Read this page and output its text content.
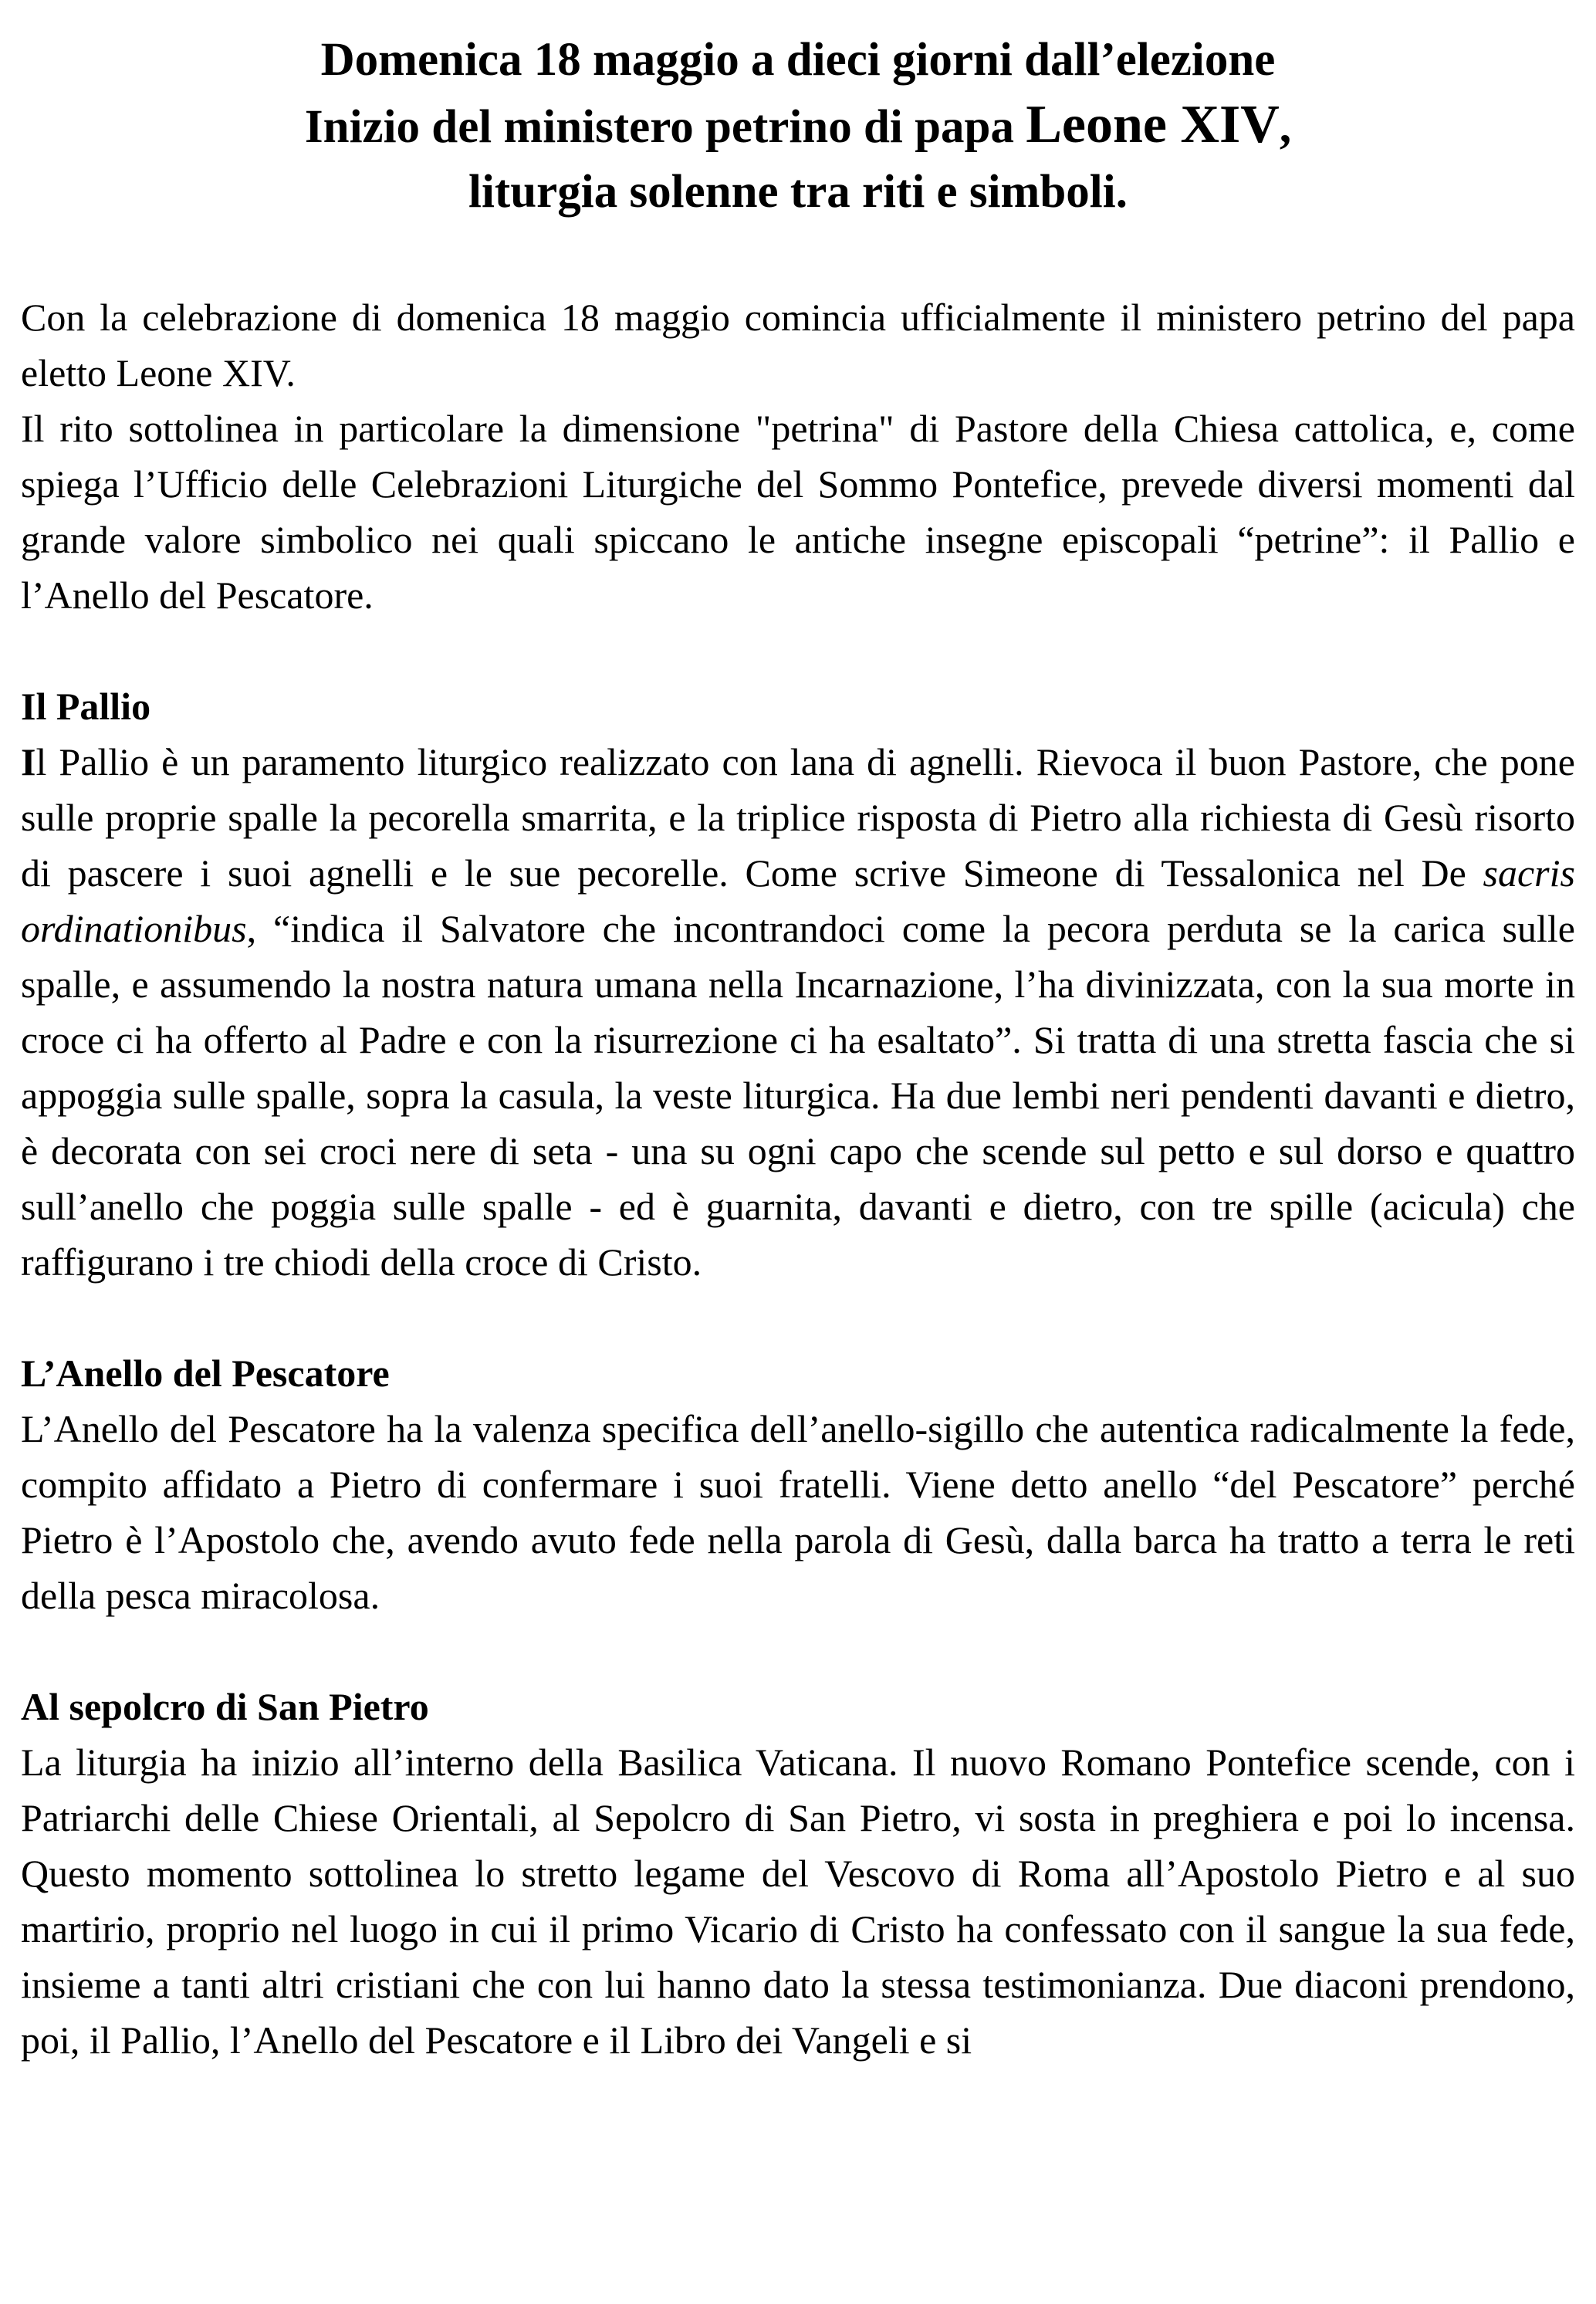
Domenica 18 maggio a dieci giorni dall’elezione
Inizio del ministero petrino di papa Leone XIV,
liturgia solenne tra riti e simboli.

Con la celebrazione di domenica 18 maggio comincia ufficialmente il ministero petrino del papa eletto Leone XIV.

Il rito sottolinea in particolare la dimensione "petrina" di Pastore della Chiesa cattolica, e, come spiega l’Ufficio delle Celebrazioni Liturgiche del Sommo Pontefice, prevede diversi momenti dal grande valore simbolico nei quali spiccano le antiche insegne episcopali “petrine”: il Pallio e l’Anello del Pescatore.

Il Pallio

Il Pallio è un paramento liturgico realizzato con lana di agnelli. Rievoca il buon Pastore, che pone sulle proprie spalle la pecorella smarrita, e la triplice risposta di Pietro alla richiesta di Gesù risorto di pascere i suoi agnelli e le sue pecorelle. Come scrive Simeone di Tessalonica nel De sacris ordinationibus, “indica il Salvatore che incontrandoci come la pecora perduta se la carica sulle spalle, e assumendo la nostra natura umana nella Incarnazione, l’ha divinizzata, con la sua morte in croce ci ha offerto al Padre e con la risurrezione ci ha esaltato”. Si tratta di una stretta fascia che si appoggia sulle spalle, sopra la casula, la veste liturgica. Ha due lembi neri pendenti davanti e dietro, è decorata con sei croci nere di seta - una su ogni capo che scende sul petto e sul dorso e quattro sull’anello che poggia sulle spalle - ed è guarnita, davanti e dietro, con tre spille (acicula) che raffigurano i tre chiodi della croce di Cristo.

L’Anello del Pescatore

L’Anello del Pescatore ha la valenza specifica dell’anello-sigillo che autentica radicalmente la fede, compito affidato a Pietro di confermare i suoi fratelli. Viene detto anello “del Pescatore” perché Pietro è l’Apostolo che, avendo avuto fede nella parola di Gesù, dalla barca ha tratto a terra le reti della pesca miracolosa.

Al sepolcro di San Pietro

La liturgia ha inizio all’interno della Basilica Vaticana. Il nuovo Romano Pontefice scende, con i Patriarchi delle Chiese Orientali, al Sepolcro di San Pietro, vi sosta in preghiera e poi lo incensa. Questo momento sottolinea lo stretto legame del Vescovo di Roma all’Apostolo Pietro e al suo martirio, proprio nel luogo in cui il primo Vicario di Cristo ha confessato con il sangue la sua fede, insieme a tanti altri cristiani che con lui hanno dato la stessa testimonianza. Due diaconi prendono, poi, il Pallio, l’Anello del Pescatore e il Libro dei Vangeli e si
